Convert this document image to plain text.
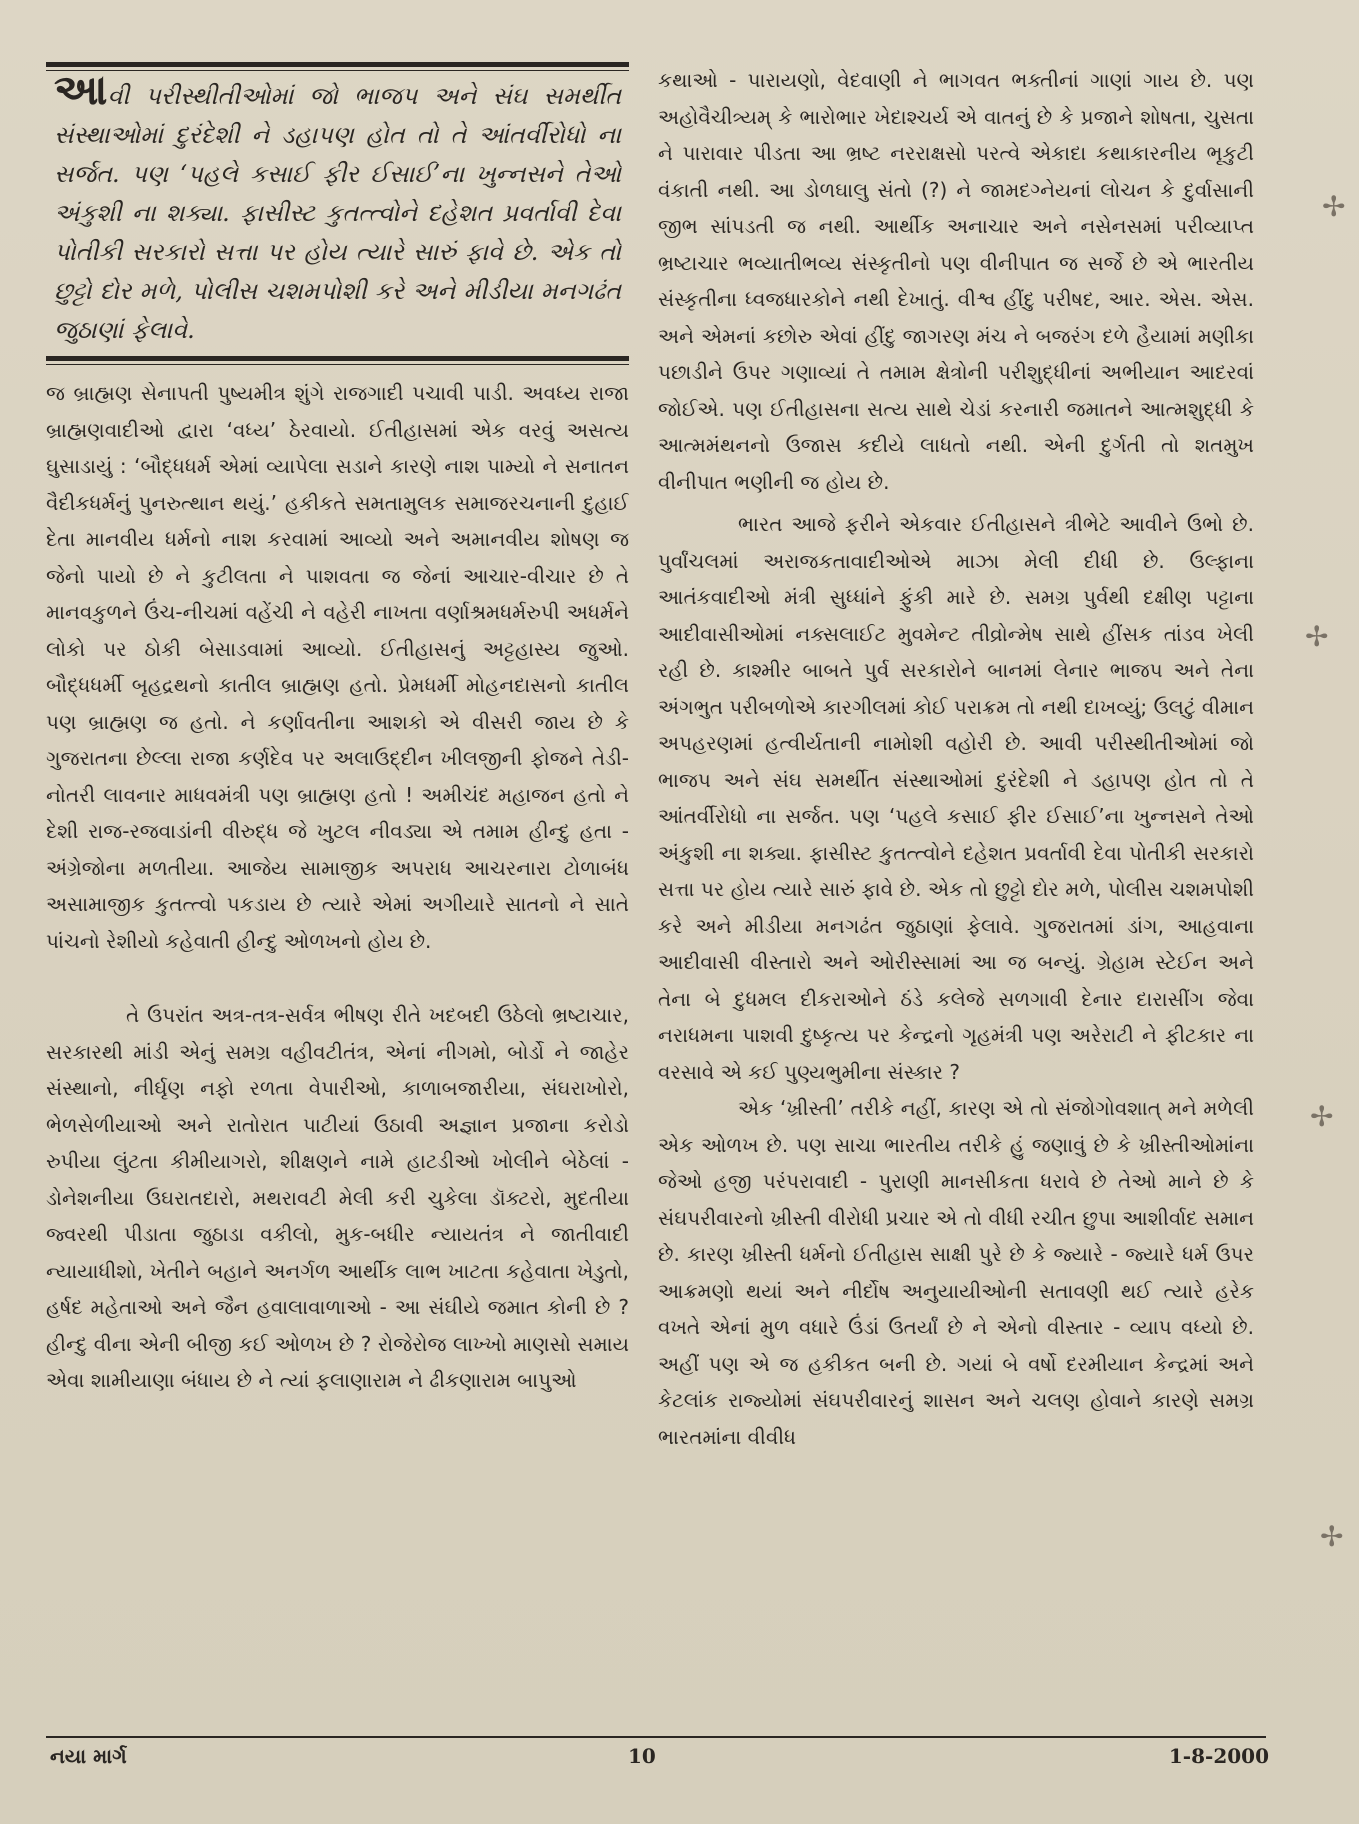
આવી પરીસ્થીતીઓમાં જો ભાજપ અને સંઘ સમર્થીત સંસ્થાઓમાં દુરંદેશી ને ડહાપણ હોત તો તે આંતર્વીરોધો ના સર્જત. પણ ‘પહલે કસાઈ ફીર ઈસાઈ’ના ખુન્નસને તેઓ અંકુશી ના શક્યા. ફાસીસ્ટ કુતત્ત્વોને દહેશત પ્રવર્તાવી દેવા પોતીકી સરકારો સત્તા પર હોય ત્યારે સારું ફાવે છે. એક તો છુટ્ટો દોર મળે, પોલીસ ચશમપોશી કરે અને મીડીયા મનગઢંત જુઠાણાં ફેલાવે.

જ બ્રાહ્મણ સેનાપતી પુષ્યમીત્ર શુંગે રાજગાદી પચાવી પાડી. અવધ્ય રાજા બ્રાહ્મણવાદીઓ દ્વારા ‘વધ્ય’ ઠેરવાયો. ઈતીહાસમાં એક વરવું અસત્ય ઘુસાડાયું : ‘બૌદ્ધધર્મ એમાં વ્યાપેલા સડાને કારણે નાશ પામ્યો ને સનાતન વૈદીકધર્મનું પુનરુત્થાન થયું.’ હકીકતે સમતામુલક સમાજરચનાની દુહાઈ દેતા માનવીય ધર્મનો નાશ કરવામાં આવ્યો અને અમાનવીય શોષણ જ જેનો પાયો છે ને કુટીલતા ને પાશવતા જ જેનાં આચાર-વીચાર છે તે માનવકુળને ઉંચ-નીચમાં વહેંચી ને વહેરી નાખતા વર્ણાશ્રમધર્મરુપી અધર્મને લોકો પર ઠોકી બેસાડવામાં આવ્યો. ઈતીહાસનું અટ્ટહાસ્ય જુઓ. બૌદ્ધધર્મી બૃહદ્રથનો કાતીલ બ્રાહ્મણ હતો. પ્રેમધર્મી મોહનદાસનો કાતીલ પણ બ્રાહ્મણ જ હતો. ને કર્ણાવતીના આશકો એ વીસરી જાય છે કે ગુજરાતના છેલ્લા રાજા કર્ણદેવ પર અલાઉદ્દીન ખીલજીની ફોજને તેડી-નોતરી લાવનાર માધવમંત્રી પણ બ્રાહ્મણ હતો ! અમીચંદ મહાજન હતો ને દેશી રાજ-રજવાડાંની વીરુદ્ધ જે ખુટલ નીવડ્યા એ તમામ હીન્દુ હતા - અંગ્રેજોના મળતીયા. આજેય સામાજીક અપરાધ આચરનારા ટોળાબંધ અસામાજીક કુતત્ત્વો પકડાય છે ત્યારે એમાં અગીયારે સાતનો ને સાતે પાંચનો રેશીયો કહેવાતી હીન્દુ ઓળખનો હોય છે.

તે ઉપરાંત અત્ર-તત્ર-સર્વત્ર ભીષણ રીતે ખદબદી ઉઠેલો ભ્રષ્ટાચાર, સરકારથી માંડી એનું સમગ્ર વહીવટીતંત્ર, એનાં નીગમો, બોર્ડો ને જાહેર સંસ્થાનો, નીર્ઘૃણ નફો રળતા વેપારીઓ, કાળાબજારીયા, સંઘરાખોરો, ભેળસેળીયાઓ અને રાતોરાત પાટીયાં ઉઠાવી અજ્ઞાન પ્રજાના કરોડો રુપીયા લુંટતા કીમીયાગરો, શીક્ષણને નામે હાટડીઓ ખોલીને બેઠેલાં - ડોનેશનીયા ઉઘરાતદારો, મથરાવટી મેલી કરી ચુકેલા ડૉક્ટરો, મુદતીયા જ્વરથી પીડાતા જુઠાડા વકીલો, મુક-બધીર ન્યાયતંત્ર ને જાતીવાદી ન્યાયાધીશો, ખેતીને બહાને અનર્ગળ આર્થીક લાભ ખાટતા કહેવાતા ખેડુતો, હર્ષદ મહેતાઓ અને જૈન હવાલાવાળાઓ - આ સંઘીયે જમાત કોની છે ? હીન્દુ વીના એની બીજી કઈ ઓળખ છે ? રોજેરોજ લાખ્ખો માણસો સમાય એવા શામીયાણા બંધાય છે ને ત્યાં ફલાણારામ ને ઢીકણારામ બાપુઓ

કથાઓ - પારાયણો, વેદવાણી ને ભાગવત ભક્તીનાં ગાણાં ગાય છે. પણ અહોવૈચીત્ર્યમ્ કે ભારોભાર ખેદાશ્ચર્ય એ વાતનું છે કે પ્રજાને શોષતા, ચુસતા ને પારાવાર પીડતા આ ભ્રષ્ટ નરરાક્ષસો પરત્વે એકાદા કથાકારનીય ભૃકુટી વંકાતી નથી. આ ડોળઘાલુ સંતો (?) ને જામદગ્નેયનાં લોચન કે દુર્વાસાની જીભ સાંપડતી જ નથી. આર્થીક અનાચાર અને નસેનસમાં પરીવ્યાપ્ત ભ્રષ્ટાચાર ભવ્યાતીભવ્ય સંસ્કૃતીનો પણ વીનીપાત જ સર્જે છે એ ભારતીય સંસ્કૃતીના ધ્વજધારકોને નથી દેખાતું. વીશ્વ હીંદુ પરીષદ, આર. એસ. એસ. અને એમનાં કછોરુ એવાં હીંદુ જાગરણ મંચ ને બજરંગ દળે હૈયામાં મણીકા પછાડીને ઉપર ગણાવ્યાં તે તમામ ક્ષેત્રોની પરીશુદ્ધીનાં અભીયાન આદરવાં જોઈએ. પણ ઈતીહાસના સત્ય સાથે ચેડાં કરનારી જમાતને આત્મશુદ્ધી કે આત્મમંથનનો ઉજાસ કદીયે લાધતો નથી. એની દુર્ગતી તો શતમુખ વીનીપાત ભણીની જ હોય છે.

ભારત આજે ફરીને એકવાર ઈતીહાસને ત્રીભેટે આવીને ઉભો છે. પુર્વાંચલમાં અરાજકતાવાદીઓએ માઝા મેલી દીધી છે. ઉલ્ફાના આતંકવાદીઓ મંત્રી સુધ્ધાંને ફુંકી મારે છે. સમગ્ર પુર્વથી દક્ષીણ પટ્ટાના આદીવાસીઓમાં નક્સલાઈટ મુવમેન્ટ તીવ્રોન્મેષ સાથે હીંસક તાંડવ ખેલી રહી છે. કાશ્મીર બાબતે પુર્વ સરકારોને બાનમાં લેનાર ભાજપ અને તેના અંગભુત પરીબળોએ કારગીલમાં કોઈ પરાક્રમ તો નથી દાખવ્યું; ઉલટું વીમાન અપહરણમાં હત્વીર્યતાની નામોશી વહોરી છે. આવી પરીસ્થીતીઓમાં જો ભાજપ અને સંઘ સમર્થીત સંસ્થાઓમાં દુરંદેશી ને ડહાપણ હોત તો તે આંતર્વીરોધો ના સર્જત. પણ ‘પહલે કસાઈ ફીર ઈસાઈ’ના ખુન્નસને તેઓ અંકુશી ના શક્યા. ફાસીસ્ટ કુતત્ત્વોને દહેશત પ્રવર્તાવી દેવા પોતીકી સરકારો સત્તા પર હોય ત્યારે સારું ફાવે છે. એક તો છુટ્ટો દોર મળે, પોલીસ ચશમપોશી કરે અને મીડીયા મનગઢંત જુઠાણાં ફેલાવે. ગુજરાતમાં ડાંગ, આહવાના આદીવાસી વીસ્તારો અને ઓરીસ્સામાં આ જ બન્યું. ગ્રેહામ સ્ટેઈન અને તેના બે દુધમલ દીકરાઓને ઠંડે કલેજે સળગાવી દેનાર દારાસીંગ જેવા નરાધમના પાશવી દુષ્કૃત્ય પર કેન્દ્રનો ગૃહમંત્રી પણ અરેરાટી ને ફીટકાર ના વરસાવે એ કઈ પુણ્યભુમીના સંસ્કાર ?

એક ‘ખ્રીસ્તી’ તરીકે નહીં, કારણ એ તો સંજોગોવશાત્ મને મળેલી એક ઓળખ છે. પણ સાચા ભારતીય તરીકે હું જણાવું છે કે ખ્રીસ્તીઓમાંના જેઓ હજી પરંપરાવાદી - પુરાણી માનસીકતા ધરાવે છે તેઓ માને છે કે સંઘપરીવારનો ખ્રીસ્તી વીરોધી પ્રચાર એ તો વીધી રચીત છુપા આશીર્વાદ સમાન છે. કારણ ખ્રીસ્તી ધર્મનો ઈતીહાસ સાક્ષી પુરે છે કે જ્યારે - જ્યારે ધર્મ ઉપર આક્રમણો થયાં અને નીર્દોષ અનુયાયીઓની સતાવણી થઈ ત્યારે હરેક વખતે એનાં મુળ વધારે ઉંડાં ઉતર્યાં છે ને એનો વીસ્તાર - વ્યાપ વધ્યો છે. અહીં પણ એ જ હકીકત બની છે. ગયાં બે વર્ષો દરમીયાન કેન્દ્રમાં અને કેટલાંક રાજ્યોમાં સંઘપરીવારનું શાસન અને ચલણ હોવાને કારણે સમગ્ર ભારતમાંના વીવીધ

નયા માર્ગ	10	1-8-2000
✢
✢
✢
✢
